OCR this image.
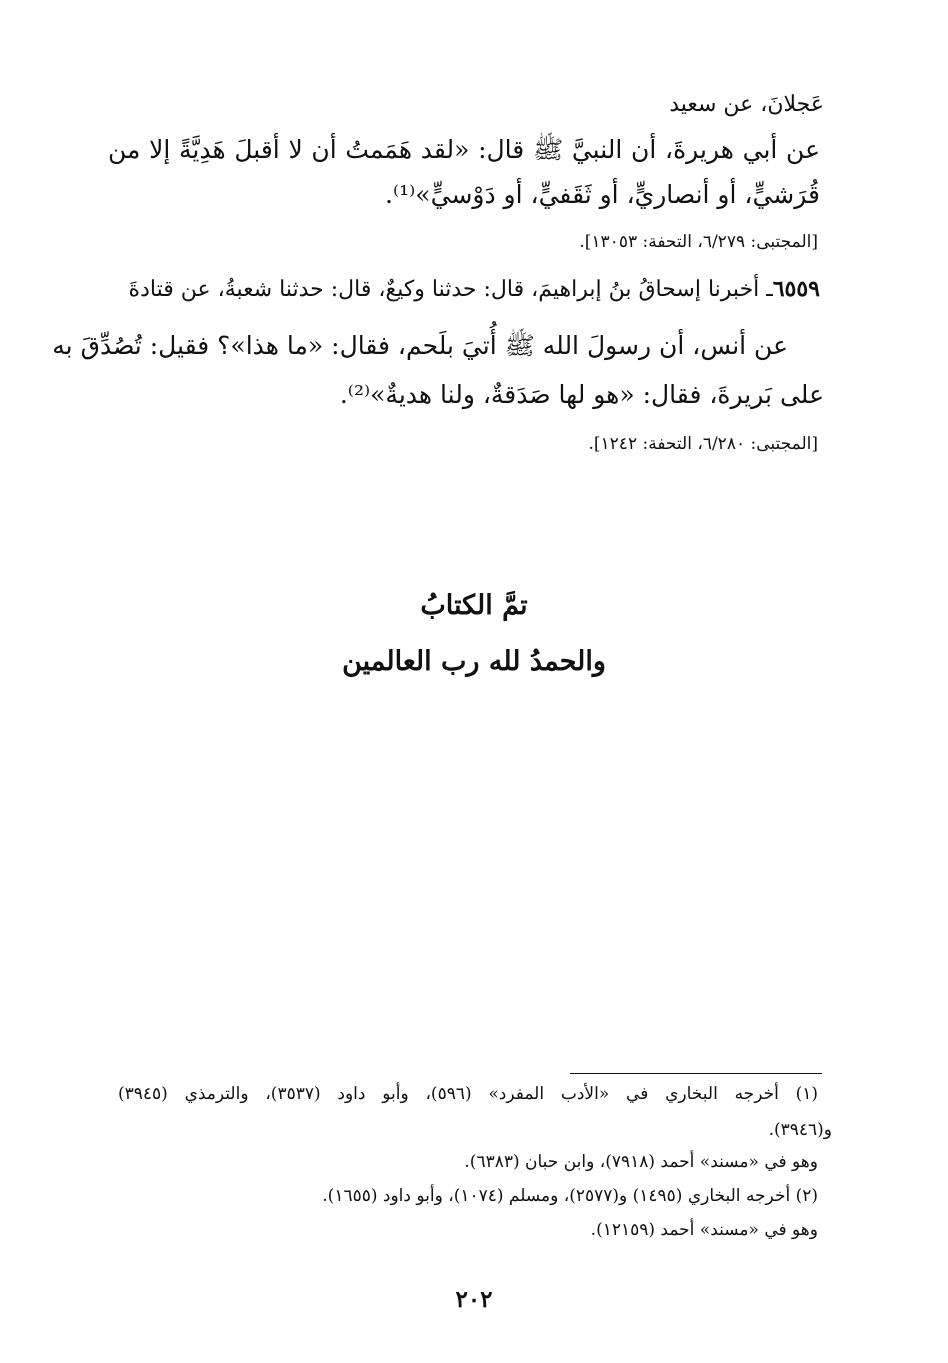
عَجلانَ، عن سعيد
عن أبي هريرةَ، أن النبيَّ ﷺ قال: «لقد هَمَمتُ أن لا أقبلَ هَدِيَّةً إلا من
قُرَشيٍّ، أو أنصاريٍّ، أو ثَقَفيٍّ، أو دَوْسيٍّ»⁽¹⁾.
[المجتبى: ٦/٢٧٩، التحفة: ١٣٠٥٣].
٦٥٥٩ـ أخبرنا إسحاقُ بنُ إبراهيمَ، قال: حدثنا وكيعٌ، قال: حدثنا شعبةُ، عن قتادةَ
عن أنس، أن رسولَ الله ﷺ أُتيَ بلَحم، فقال: «ما هذا»؟ فقيل: تُصُدِّقَ به
على بَريرةَ، فقال: «هو لها صَدَقةٌ، ولنا هديةٌ»⁽²⁾.
[المجتبى: ٦/٢٨٠، التحفة: ١٢٤٢].
تمَّ الكتابُ
والحمدُ لله رب العالمين
(١) أخرجه البخاري في «الأدب المفرد» (٥٩٦)، وأبو داود (٣٥٣٧)، والترمذي (٣٩٤٥)
و(٣٩٤٦).
وهو في «مسند» أحمد (٧٩١٨)، وابن حبان (٦٣٨٣).
(٢) أخرجه البخاري (١٤٩٥) و(٢٥٧٧)، ومسلم (١٠٧٤)، وأبو داود (١٦٥٥).
وهو في «مسند» أحمد (١٢١٥٩).
٢٠٢
